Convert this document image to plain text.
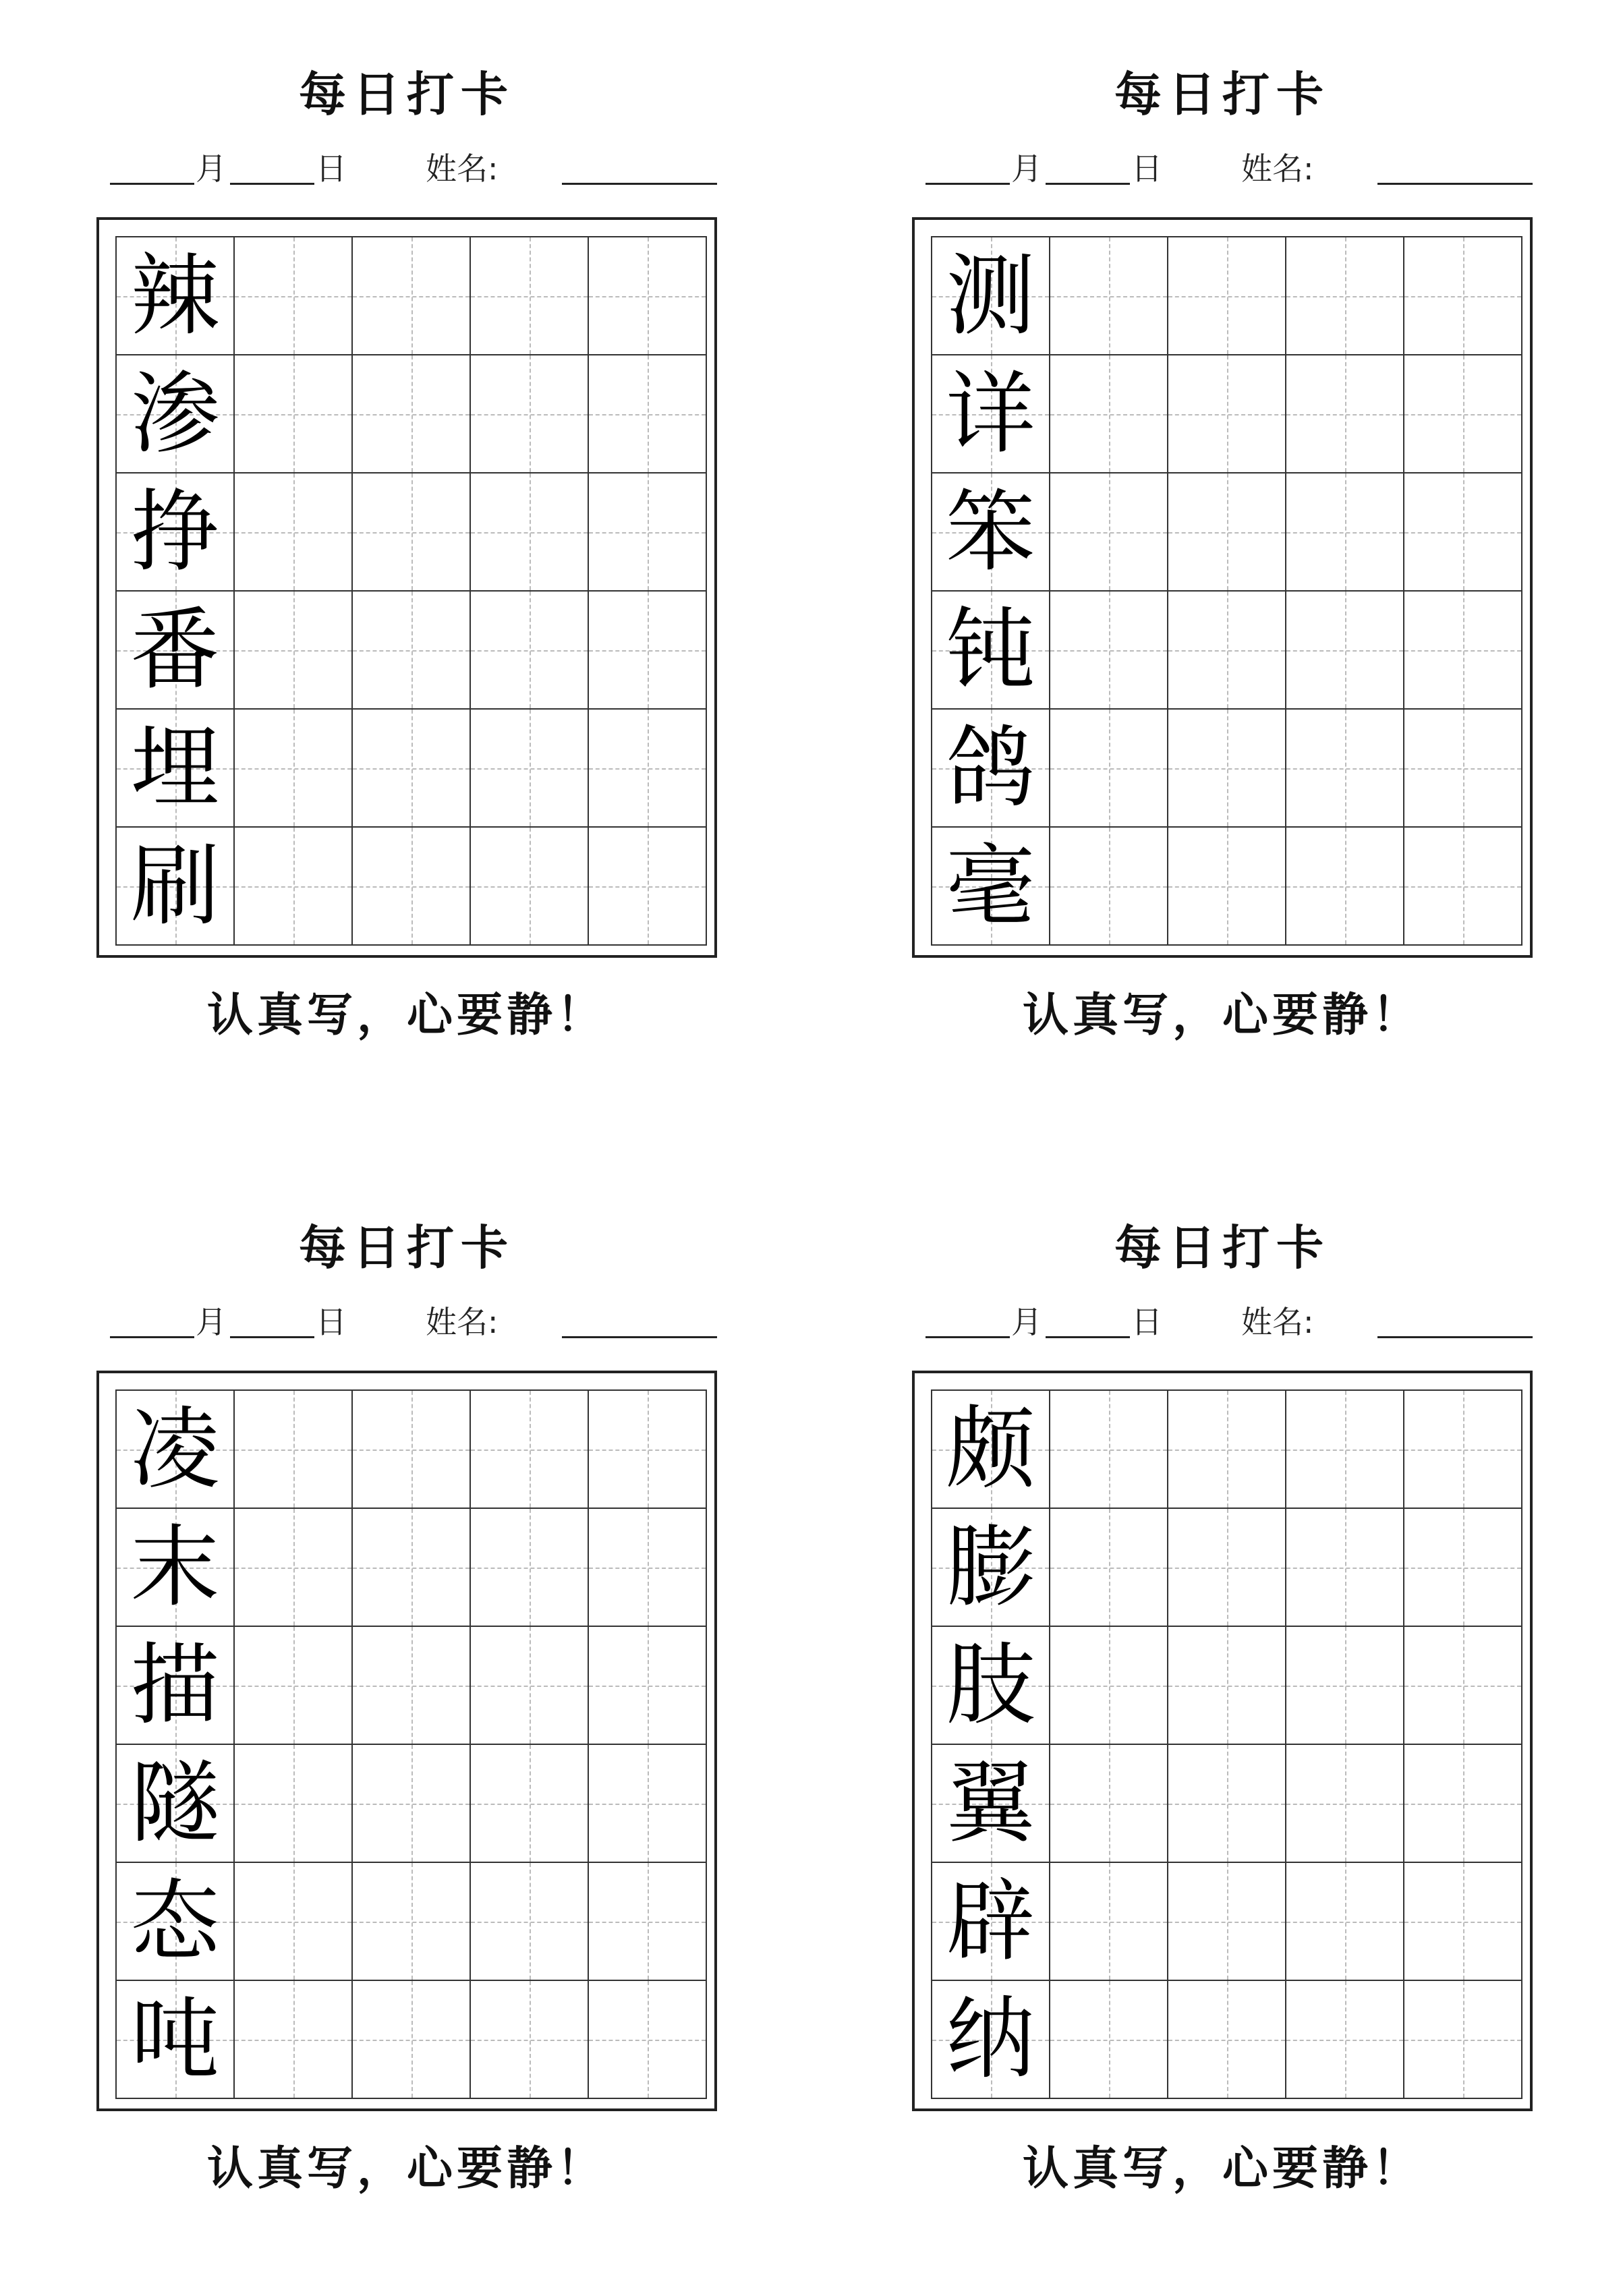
每日打卡
月	日	姓名:
辣				

渗				

挣				

番				

埋				

刷				

认真写，心要静！
每日打卡
月	日	姓名:
测				

详				

笨				

钝				

鸽				

毫				

认真写，心要静！
每日打卡
月	日	姓名:
凌				

末				

描				

隧				

态				

吨				

认真写，心要静！
每日打卡
月	日	姓名:
颇				

膨				

肢				

翼				

辟				

纳				

认真写，心要静！
